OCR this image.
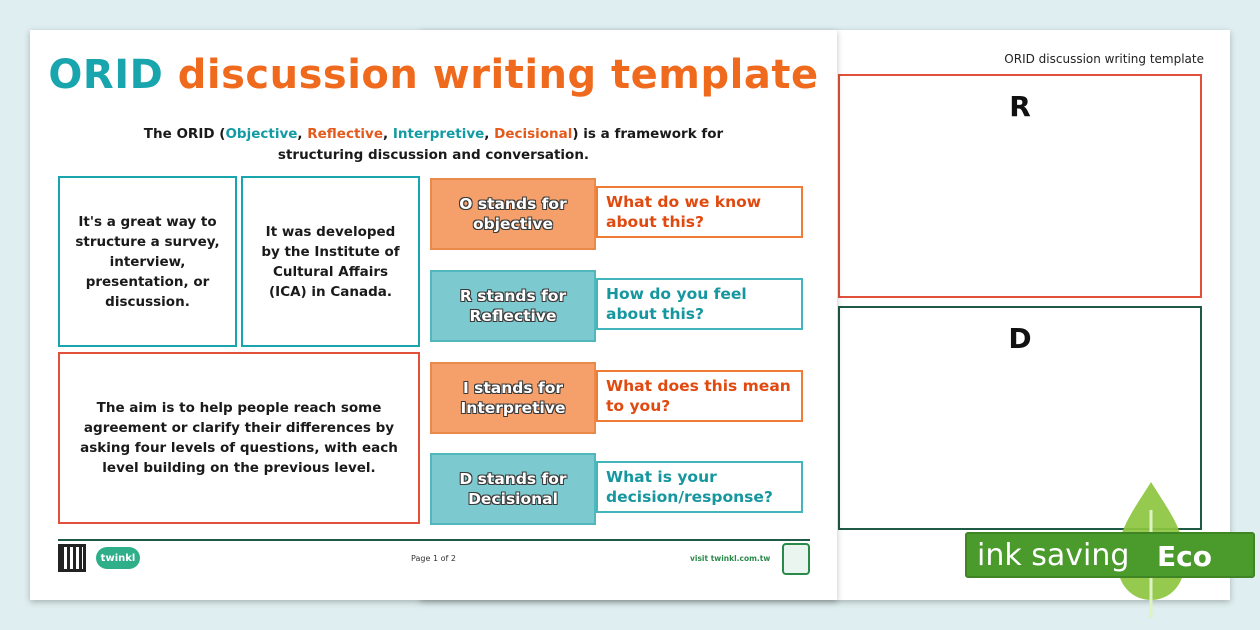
ORID discussion writing template
R
D
ORID discussion writing template
The ORID (Objective, Reflective, Interpretive, Decisional) is a framework for structuring discussion and conversation.
It's a great way to structure a survey, interview, presentation, or discussion.
It was developed by the Institute of Cultural Affairs (ICA) in Canada.
The aim is to help people reach some agreement or clarify their differences by asking four levels of questions, with each level building on the previous level.
O stands for objective
What do we know about this?
R stands for Reflective
How do you feel about this?
I stands for Interpretive
What does this mean to you?
D stands for Decisional
What is your decision/response?
twinkl	Page 1 of 2	visit twinkl.com.tw	ink saving Eco
